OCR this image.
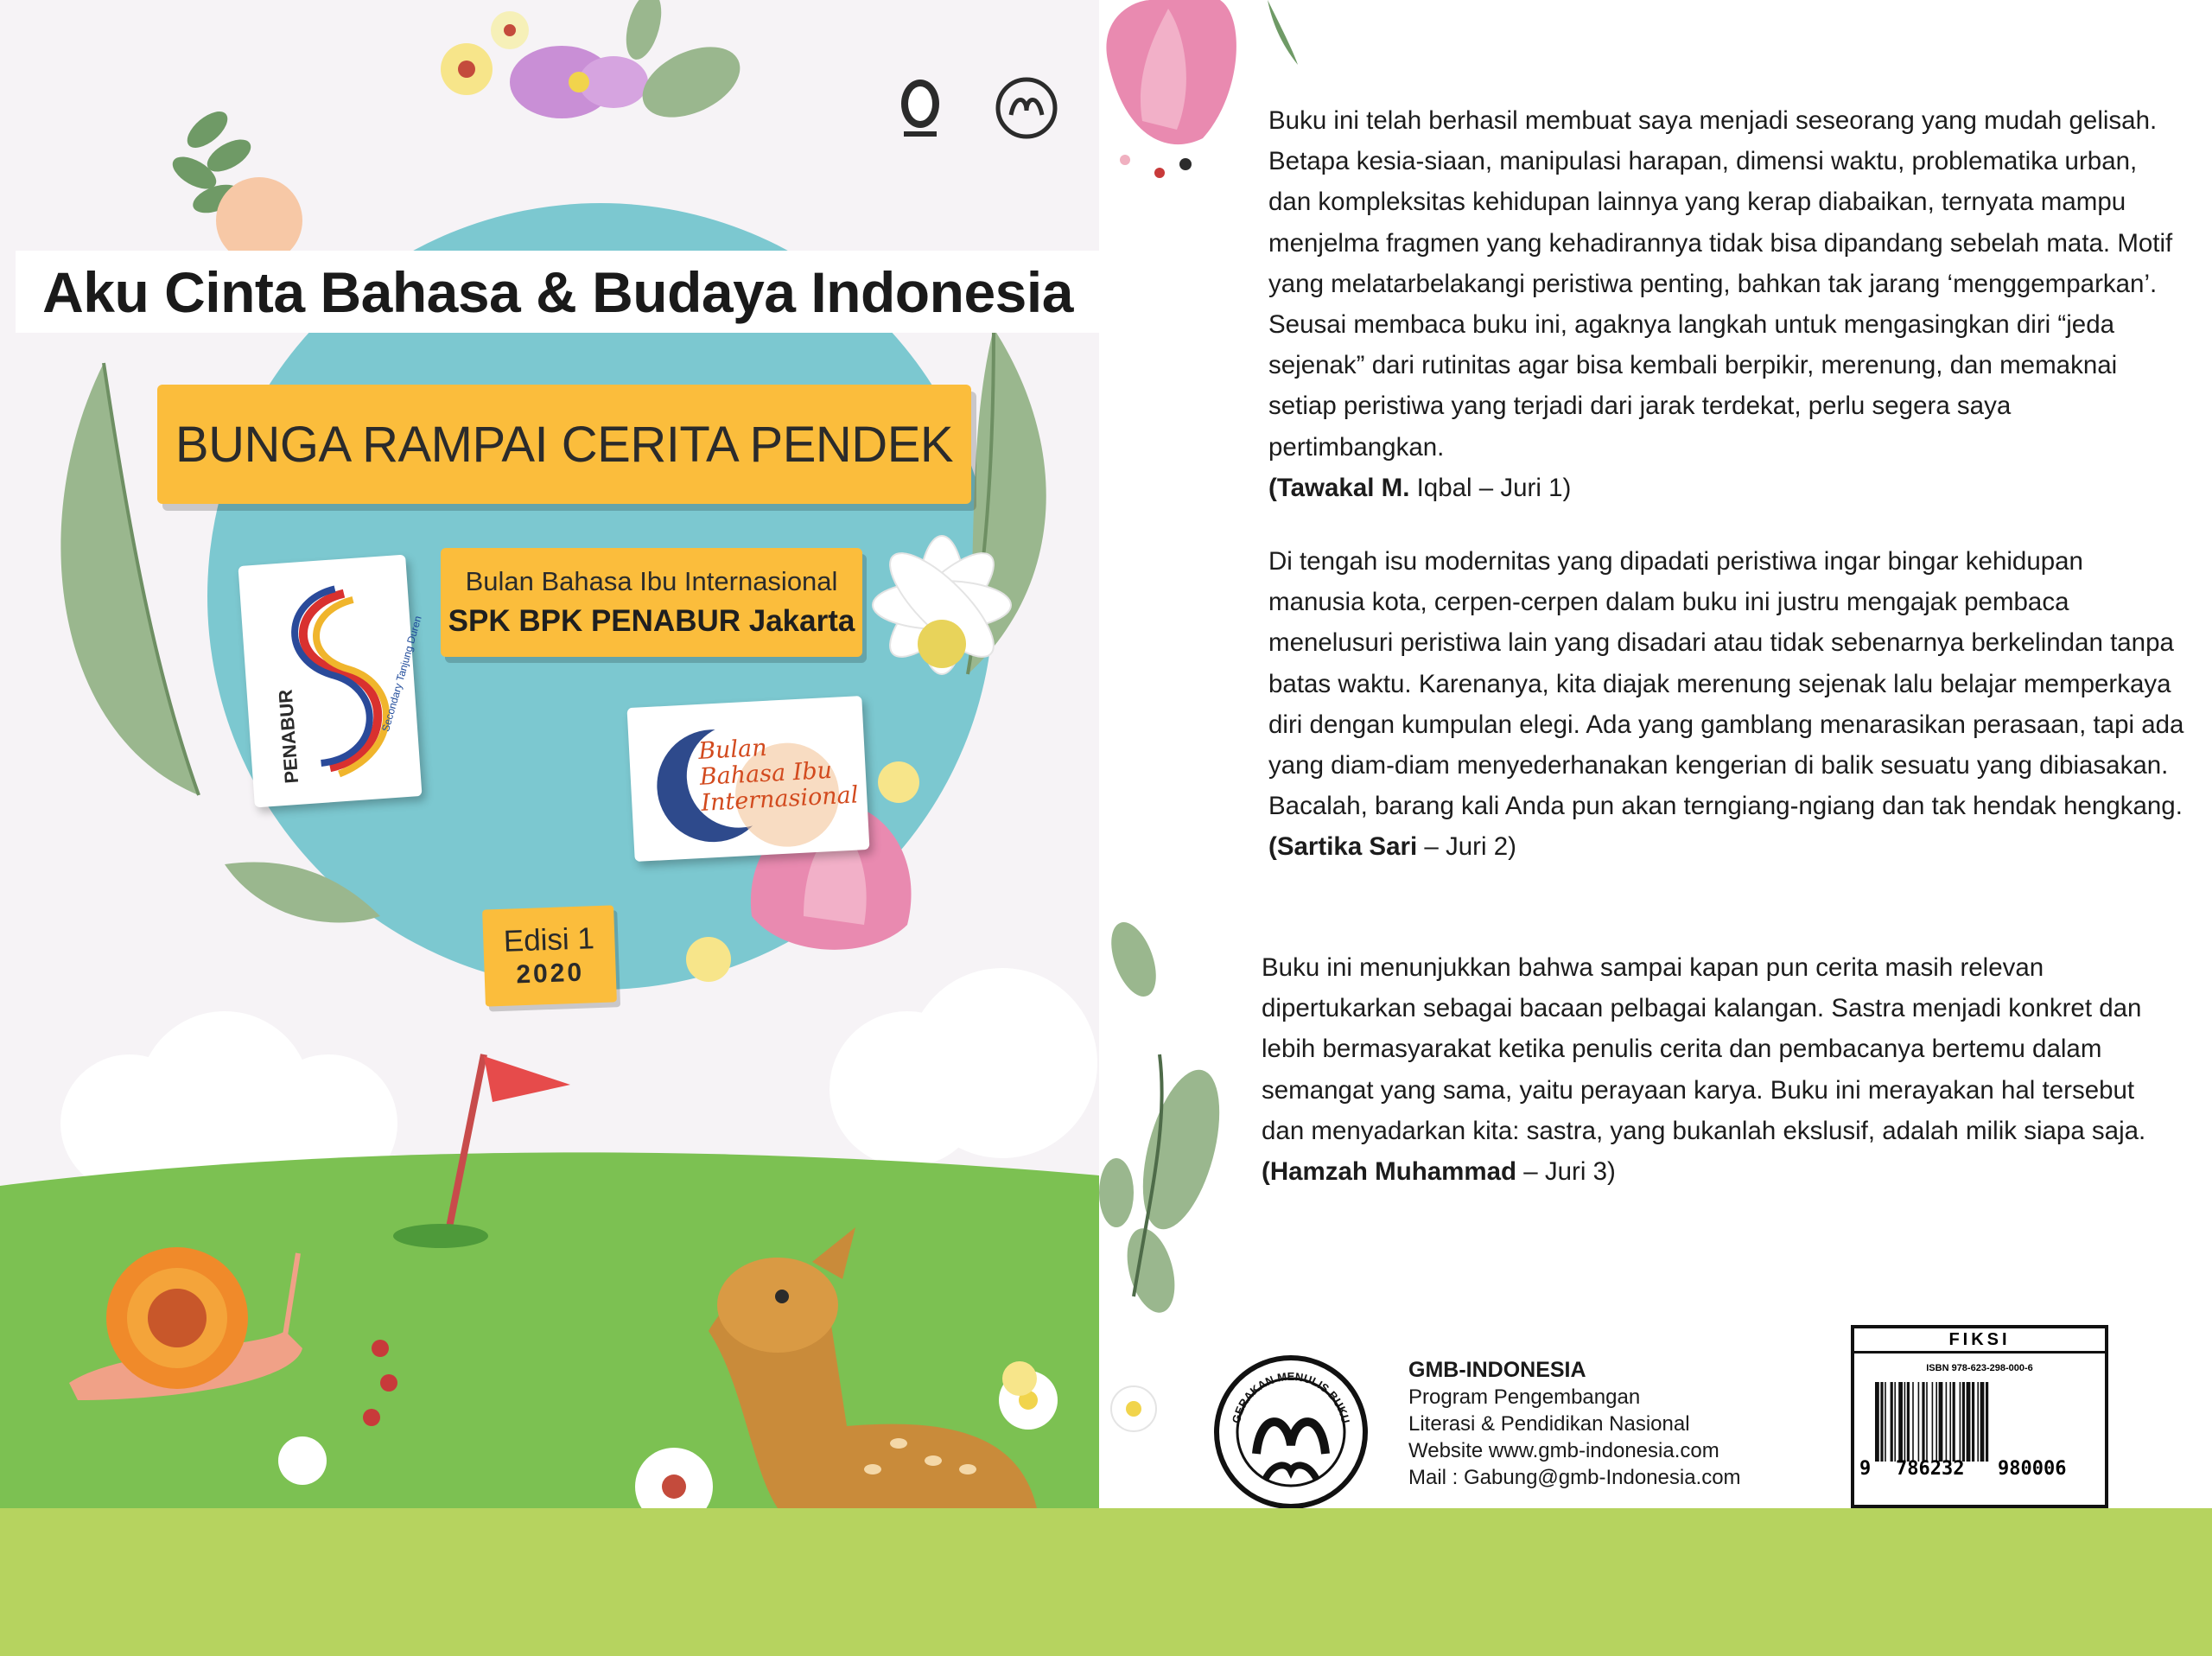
Aku Cinta Bahasa & Budaya Indonesia
BUNGA RAMPAI CERITA PENDEK
Bulan Bahasa Ibu Internasional
SPK BPK PENABUR Jakarta
PENABUR
Secondary Tanjung Duren
Bulan Bahasa Ibu Internasional
Edisi 1
2020

Buku ini telah berhasil membuat saya menjadi seseorang yang mudah gelisah. Betapa kesia-siaan, manipulasi harapan, dimensi waktu, problematika urban, dan kompleksitas kehidupan lainnya yang kerap diabaikan, ternyata mampu menjelma fragmen yang kehadirannya tidak bisa dipandang sebelah mata. Motif yang melatarbelakangi peristiwa penting, bahkan tak jarang ‘menggemparkan’. Seusai membaca buku ini, agaknya langkah untuk mengasingkan diri “jeda sejenak” dari rutinitas agar bisa kembali berpikir, merenung, dan memaknai setiap peristiwa yang terjadi dari jarak terdekat, perlu segera saya pertimbangkan.

(Tawakal M. Iqbal – Juri 1)

Di tengah isu modernitas yang dipadati peristiwa ingar bingar kehidupan manusia kota, cerpen-cerpen dalam buku ini justru mengajak pembaca menelusuri peristiwa lain yang disadari atau tidak sebenarnya berkelindan tanpa batas waktu. Karenanya, kita diajak merenung sejenak lalu belajar memperkaya diri dengan kumpulan elegi. Ada yang gamblang menarasikan perasaan, tapi ada yang diam-diam menyederhanakan kengerian di balik sesuatu yang dibiasakan. Bacalah, barang kali Anda pun akan terngiang-ngiang dan tak hendak hengkang.

(Sartika Sari – Juri 2)

Buku ini menunjukkan bahwa sampai kapan pun cerita masih relevan dipertukarkan sebagai bacaan pelbagai kalangan. Sastra menjadi konkret dan lebih bermasyarakat ketika penulis cerita dan pembacanya bertemu dalam semangat yang sama, yaitu perayaan karya. Buku ini merayakan hal tersebut dan menyadarkan kita: sastra, yang bukanlah ekslusif, adalah milik siapa saja.

(Hamzah Muhammad – Juri 3)
GERAKAN MENULIS BUKU
GMB-INDONESIA
Program Pengembangan
Literasi & Pendidikan Nasional
Website www.gmb-indonesia.com
Mail : Gabung@gmb-Indonesia.com
FIKSI
ISBN 978-623-298-000-6
9 786232 980006
